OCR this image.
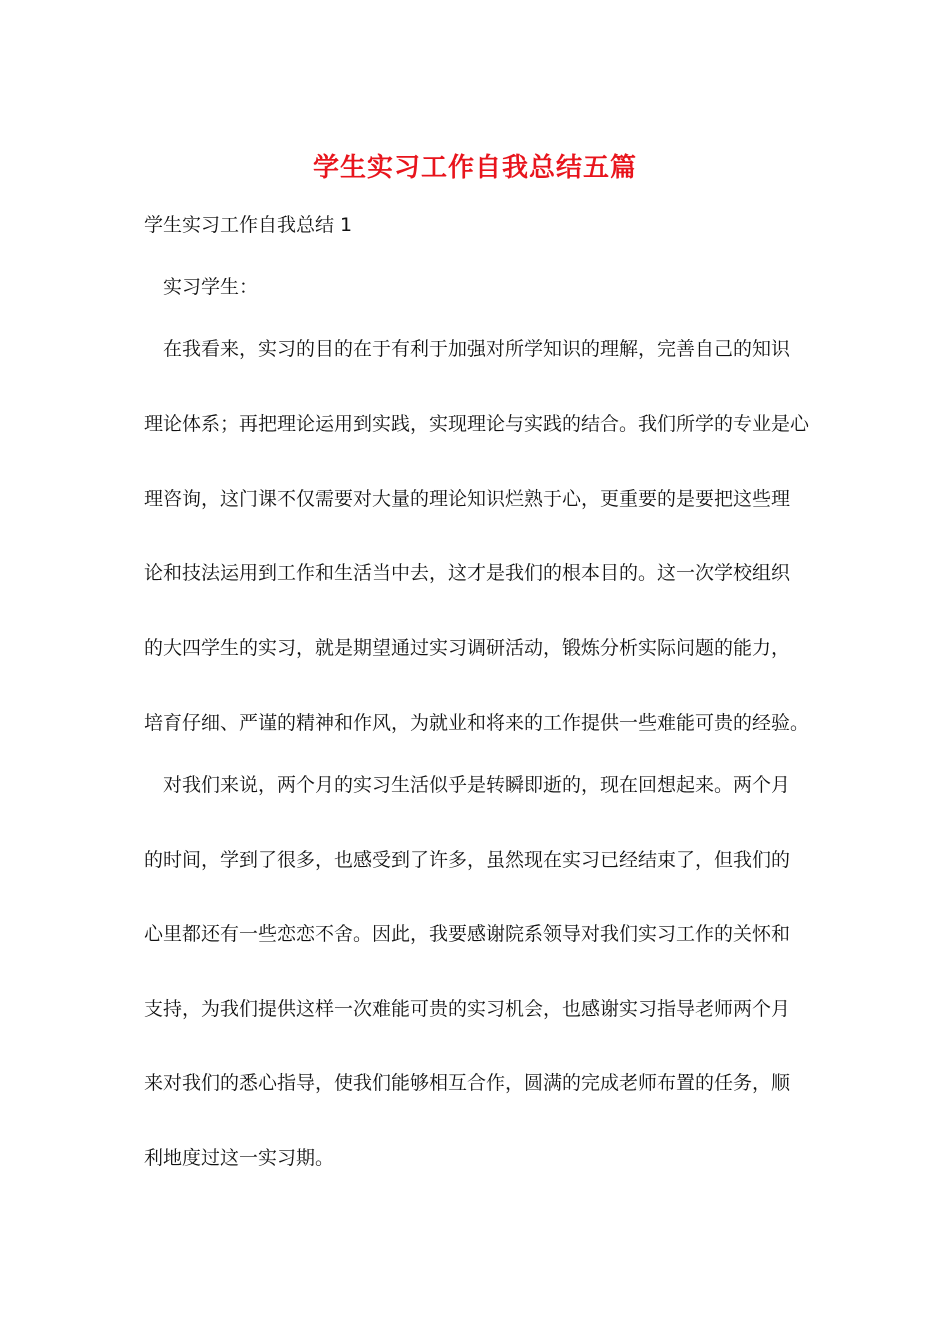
学生实习工作自我总结五篇
学生实习工作自我总结 1
实习学生：
在我看来，实习的目的在于有利于加强对所学知识的理解，完善自己的知识
理论体系；再把理论运用到实践，实现理论与实践的结合。我们所学的专业是心
理咨询，这门课不仅需要对大量的理论知识烂熟于心，更重要的是要把这些理
论和技法运用到工作和生活当中去，这才是我们的根本目的。这一次学校组织
的大四学生的实习，就是期望通过实习调研活动，锻炼分析实际问题的能力，
培育仔细、严谨的精神和作风，为就业和将来的工作提供一些难能可贵的经验。
对我们来说，两个月的实习生活似乎是转瞬即逝的，现在回想起来。两个月
的时间，学到了很多，也感受到了许多，虽然现在实习已经结束了，但我们的
心里都还有一些恋恋不舍。因此，我要感谢院系领导对我们实习工作的关怀和
支持，为我们提供这样一次难能可贵的实习机会，也感谢实习指导老师两个月
来对我们的悉心指导，使我们能够相互合作，圆满的完成老师布置的任务，顺
利地度过这一实习期。
